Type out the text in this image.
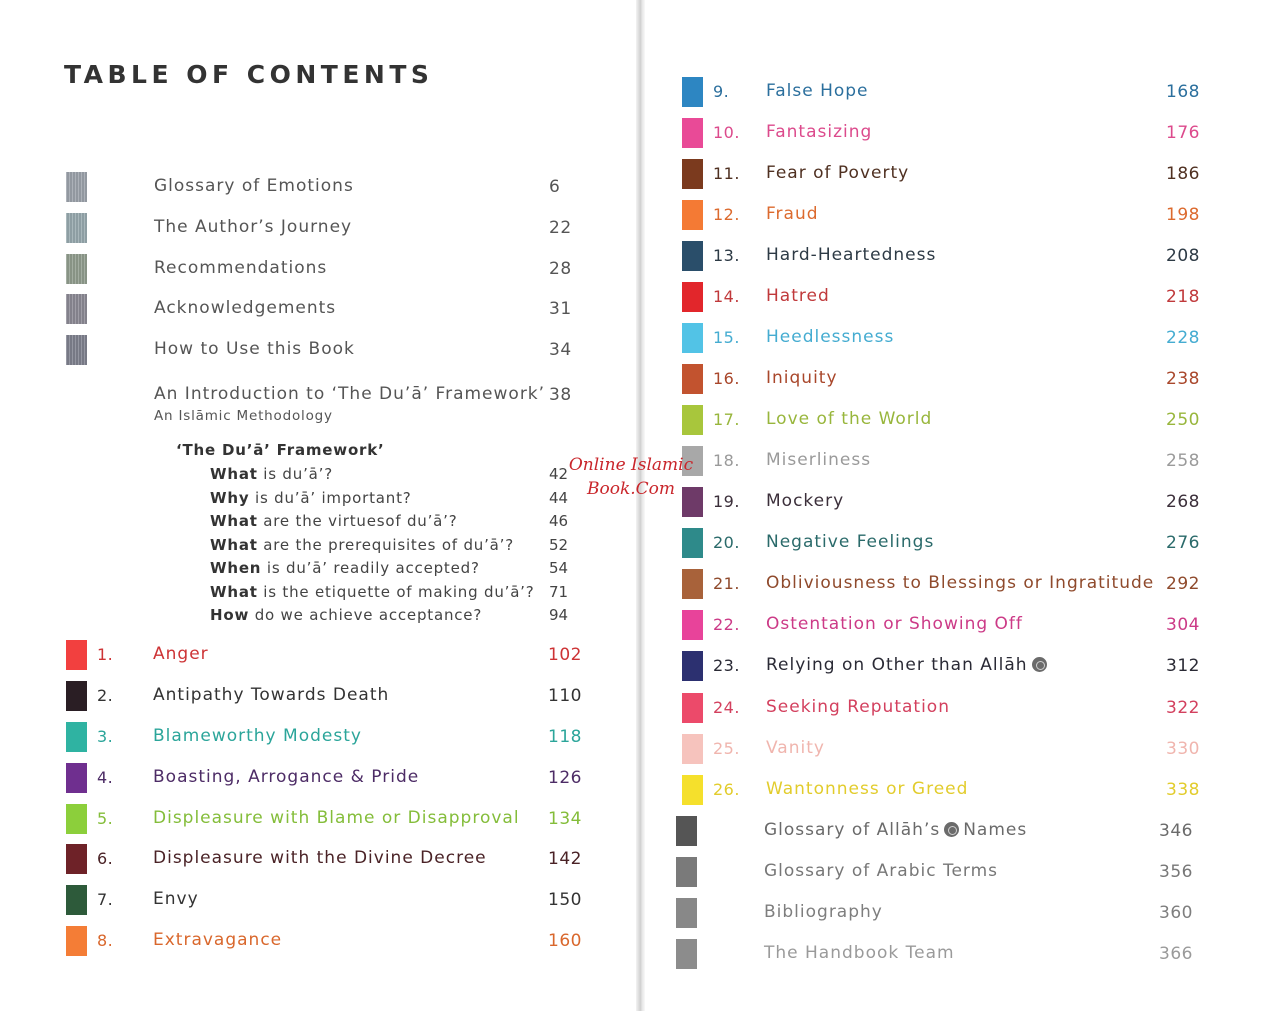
TABLE OF CONTENTS
Glossary of Emotions	6
The Author’s Journey	22
Recommendations	28
Acknowledgements	31
How to Use this Book	34
An Introduction to ‘The Du’ā’ Framework’ 38
An Islāmic Methodology
‘The Du’ā’ Framework’
What is du’ā’?	42
Why is du’ā’ important?	44
What are the virtuesof du’ā’?	46
What are the prerequisites of du’ā’? 52
When is du’ā’ readily accepted?	54
What is the etiquette of making du’ā’? 71
How do we achieve acceptance?	94
1. Anger	102
2. Antipathy Towards Death	110
3. Blameworthy Modesty	118
4. Boasting, Arrogance & Pride	126
5. Displeasure with Blame or Disapproval 134
6. Displeasure with the Divine Decree	142
7. Envy	150
8. Extravagance	160
9. False Hope	168
10. Fantasizing	176
11. Fear of Poverty	186
12. Fraud	198
13. Hard-Heartedness	208
14. Hatred	218
15. Heedlessness	228
16. Iniquity	238
17. Love of the World	250
18. Miserliness	258
19. Mockery	268
20. Negative Feelings	276
21. Obliviousness to Blessings or Ingratitude 292
22. Ostentation or Showing Off	304
23. Relying on Other than Allāh	312
24. Seeking Reputation	322
25. Vanity	330
26. Wantonness or Greed	338
Glossary of Allāh’s Names	346
Glossary of Arabic Terms	356
Bibliography	360
The Handbook Team	366
Online Islamic
Book.Com
